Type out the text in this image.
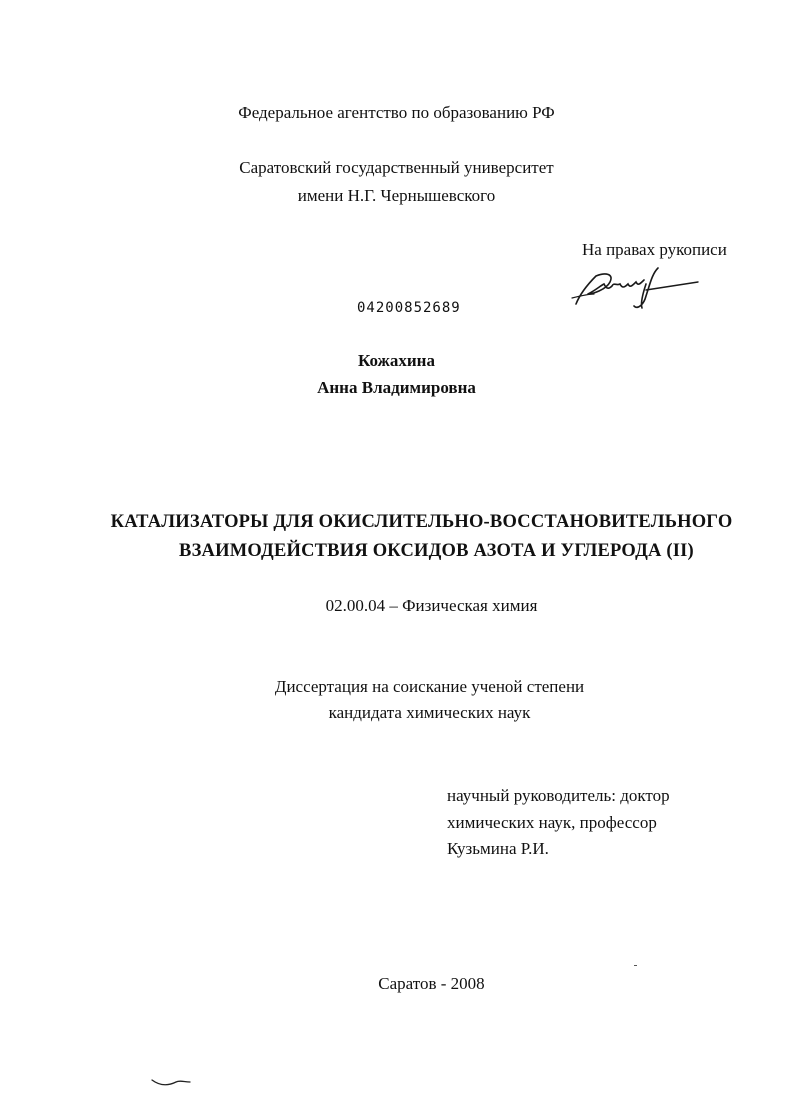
Федеральное агентство по образованию РФ
Саратовский государственный университет
имени Н.Г. Чернышевского
На правах рукописи
04200852689
Кожахина
Анна Владимировна
КАТАЛИЗАТОРЫ ДЛЯ ОКИСЛИТЕЛЬНО-ВОССТАНОВИТЕЛЬНОГО
ВЗАИМОДЕЙСТВИЯ ОКСИДОВ АЗОТА И УГЛЕРОДА (II)
02.00.04 – Физическая химия
Диссертация на соискание ученой степени
кандидата химических наук
научный руководитель: доктор
химических наук, профессор
Кузьмина Р.И.
Саратов - 2008
